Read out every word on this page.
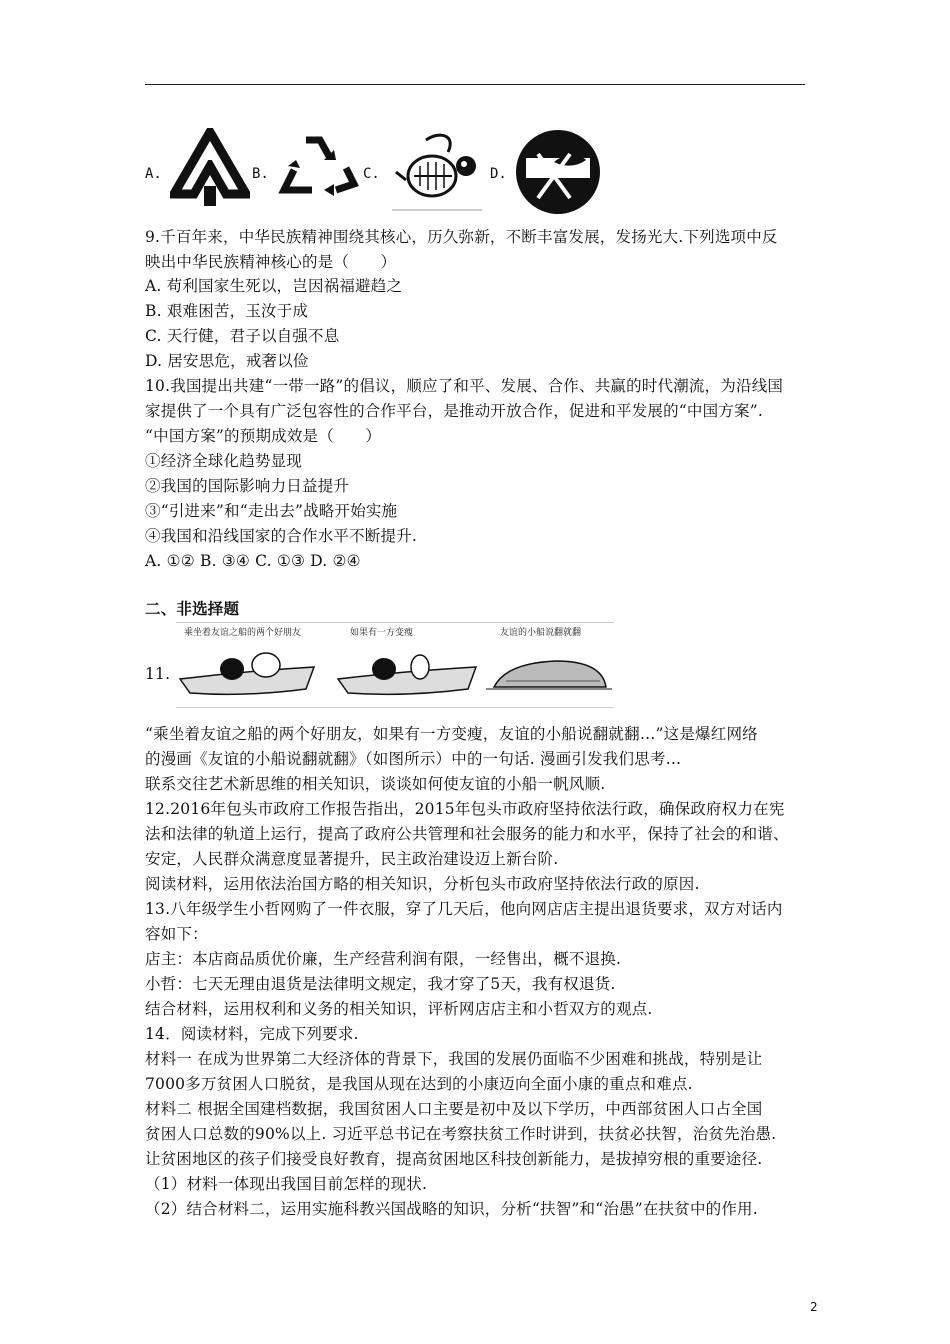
A.	B.	C.	D.
9.千百年来，中华民族精神围绕其核心，历久弥新，不断丰富发展，发扬光大.下列选项中反
映出中华民族精神核心的是（　　）
A. 苟利国家生死以，岂因祸福避趋之
B. 艰难困苦，玉汝于成
C. 天行健，君子以自强不息
D. 居安思危，戒奢以俭
10.我国提出共建“一带一路”的倡议，顺应了和平、发展、合作、共赢的时代潮流，为沿线国
家提供了一个具有广泛包容性的合作平台，是推动开放合作，促进和平发展的“中国方案”.
“中国方案”的预期成效是（　　）
①经济全球化趋势显现
②我国的国际影响力日益提升
③“引进来”和“走出去”战略开始实施
④我国和沿线国家的合作水平不断提升.
A. ①② B. ③④ C. ①③ D. ②④
二、非选择题
11.
乘坐着友谊之船的两个好朋友	如果有一方变瘦	友谊的小船说翻就翻
“乘坐着友谊之船的两个好朋友，如果有一方变瘦，友谊的小船说翻就翻…”这是爆红网络
的漫画《友谊的小船说翻就翻》（如图所示）中的一句话. 漫画引发我们思考…
联系交往艺术新思维的相关知识，谈谈如何使友谊的小船一帆风顺.
12.2016年包头市政府工作报告指出，2015年包头市政府坚持依法行政，确保政府权力在宪
法和法律的轨道上运行，提高了政府公共管理和社会服务的能力和水平，保持了社会的和谐、
安定，人民群众满意度显著提升，民主政治建设迈上新台阶.
阅读材料，运用依法治国方略的相关知识，分析包头市政府坚持依法行政的原因.
13.八年级学生小哲网购了一件衣服，穿了几天后，他向网店店主提出退货要求，双方对话内
容如下：
店主：本店商品质优价廉，生产经营利润有限，一经售出，概不退换.
小哲：七天无理由退货是法律明文规定，我才穿了5天，我有权退货.
结合材料，运用权利和义务的相关知识，评析网店店主和小哲双方的观点.
14．阅读材料，完成下列要求.
材料一 在成为世界第二大经济体的背景下，我国的发展仍面临不少困难和挑战，特别是让
7000多万贫困人口脱贫，是我国从现在达到的小康迈向全面小康的重点和难点.
材料二 根据全国建档数据，我国贫困人口主要是初中及以下学历，中西部贫困人口占全国
贫困人口总数的90%以上. 习近平总书记在考察扶贫工作时讲到，扶贫必扶智，治贫先治愚.
让贫困地区的孩子们接受良好教育，提高贫困地区科技创新能力，是拔掉穷根的重要途径.
（1）材料一体现出我国目前怎样的现状.
（2）结合材料二，运用实施科教兴国战略的知识，分析“扶智”和“治愚”在扶贫中的作用.
2
